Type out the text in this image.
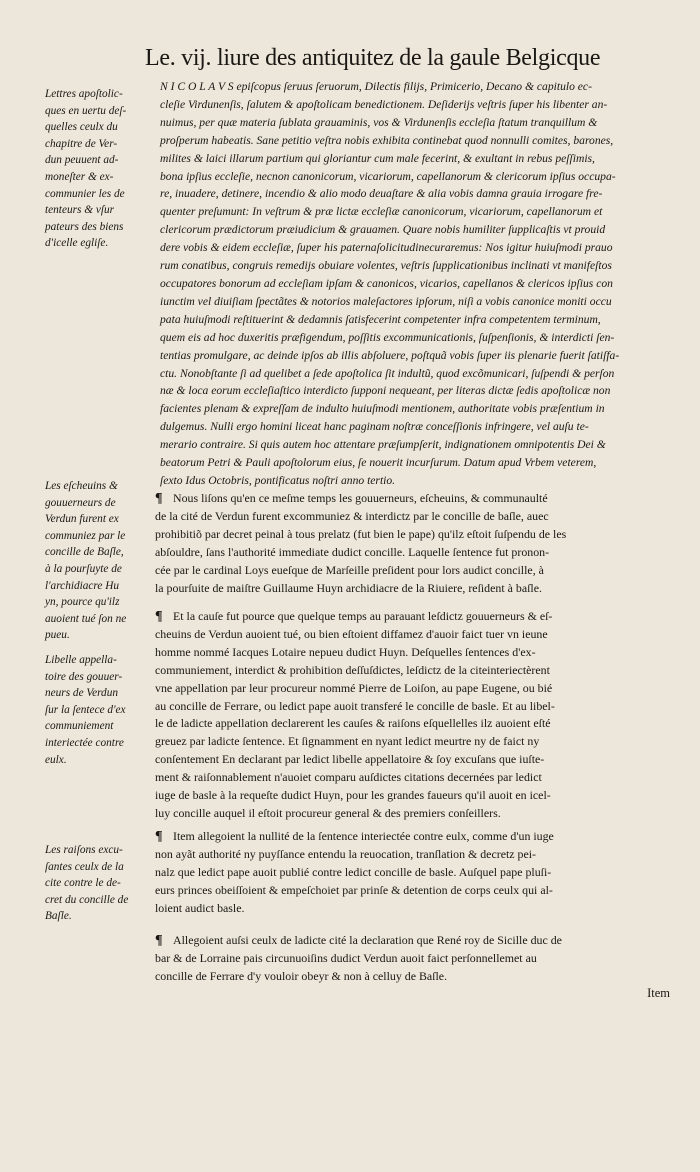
Le. vij. liure des antiquitez de la gaule Belgicque
Lettres apoſtolic-
ques en uertu deſ-
quelles ceulx du
chapitre de Ver-
dun peuuent ad-
moneſter & ex-
communier les de
tenteurs & vſur
pateurs des biens
d'icelle egliſe.
Les eſcheuins &
gouuerneurs de
Verdun furent ex
communiez par le
concille de Baſle,
à la pourſuyte de
l'archidiacre Hu
yn, pource qu'ilz
auoient tué ſon ne
pueu.
Libelle appella-
toire des gouuer-
neurs de Verdun
ſur la ſentece d'ex
communiement
interiectée contre
eulx.
Les raiſons excu-
ſantes ceulx de la
cite contre le de-
cret du concille de
Baſle.
N I C O L A V S epiſcopus ſeruus ſeruorum, Dilectis filijs, Primicerio, Decano & capitulo ec-
cleſie Virdunenſis, ſalutem & apoſtolicam benedictionem. Deſiderijs veſtris ſuper his libenter an-
nuimus, per quæ materia ſublata grauaminis, vos & Virdunenſis eccleſia ſtatum tranquillum &
proſperum habeatis. Sane petitio veſtra nobis exhibita continebat quod nonnulli comites, barones,
milites & laici illarum partium qui gloriantur cum male fecerint, & exultant in rebus peſſimis,
bona ipſius eccleſie, necnon canonicorum, vicariorum, capellanorum & clericorum ipſius occupa-
re, inuadere, detinere, incendio & alio modo deuaſtare & alia vobis damna grauia irrogare fre-
quenter preſumunt: In veſtrum & præ lictæ eccleſiæ canonicorum, vicariorum, capellanorum et
clericorum prædictorum præiudicium & grauamen. Quare nobis humiliter ſupplicaſtis vt prouid
dere vobis & eidem eccleſiæ, ſuper his paternaſolicitudinecuraremus: Nos igitur huiuſmodi prauo
rum conatibus, congruis remedijs obuiare volentes, veſtris ſupplicationibus inclinati vt manifeſtos
occupatores bonorum ad eccleſiam ipſam & canonicos, vicarios, capellanos & clericos ipſius con
iunctim vel diuiſiam ſpectãtes & notorios maleſactores ipſorum, niſi a vobis canonice moniti occu
pata huiuſmodi reſtituerint & dedamnis ſatisfecerint competenter infra competentem terminum,
quem eis ad hoc duxeritis præfigendum, poſſitis excommunicationis, ſuſpenſionis, & interdicti ſen-
tentias promulgare, ac deinde ipſos ab illis abſoluere, poſtquã vobis ſuper iis plenarie fuerit ſatiſfa-
ctu. Nonobſtante ſi ad quelibet a ſede apoſtolica ſit indultũ, quod excõmunicari, ſuſpendi & perſon
næ & loca eorum eccleſiaſtico interdicto ſupponi nequeant, per literas dictæ ſedis apoſtolicæ non
facientes plenam & expreſſam de indulto huiuſmodi mentionem, authoritate vobis præſentium in
dulgemus. Nulli ergo homini liceat hanc paginam noſtræ conceſſionis infringere, vel auſu te-
merario contraire. Si quis autem hoc attentare præſumpſerit, indignationem omnipotentis Dei &
beatorum Petri & Pauli apoſtolorum eius, ſe nouerit incurſurum. Datum apud Vrbem veterem,
ſexto Idus Octobris, pontificatus noſtri anno tertio.
¶ Nous liſons qu'en ce meſme temps les gouuerneurs, eſcheuins, & communaulté
de la cité de Verdun furent excommuniez & interdictz par le concille de baſle, auec
prohibitiõ par decret peinal à tous prelatz (fut bien le pape) qu'ilz eſtoit ſuſpendu de les
abſouldre, ſans l'authorité immediate dudict concille. Laquelle ſentence fut pronon-
cée par le cardinal Loys eueſque de Marſeille preſident pour lors audict concille, à
la pourſuite de maiſtre Guillaume Huyn archidiacre de la Riuiere, reſident à baſle.
¶ Et la cauſe fut pource que quelque temps au parauant leſdictz gouuerneurs & eſ-
cheuins de Verdun auoient tué, ou bien eſtoient diffamez d'auoir faict tuer vn ieune
homme nommé Iacques Lotaire nepueu dudict Huyn. Deſquelles ſentences d'ex-
communiement, interdict & prohibition deſſuſdictes, leſdictz de la citeinteriectèrent
vne appellation par leur procureur nommé Pierre de Loiſon, au pape Eugene, ou bié
au concille de Ferrare, ou ledict pape auoit transferé le concille de basle. Et au libel-
le de ladicte appellation declarerent les cauſes & raiſons eſquellelles ilz auoient eſté
greuez par ladicte ſentence. Et ſignamment en nyant ledict meurtre ny de faict ny
conſentement En declarant par ledict libelle appellatoire & ſoy excuſans que iuſte-
ment & raiſonnablement n'auoiet comparu auſdictes citations decernées par ledict
iuge de basle à la requeſte dudict Huyn, pour les grandes faueurs qu'il auoit en icel-
luy concille auquel il eſtoit procureur general & des premiers conſeillers.
¶ Item allegoient la nullité de la ſentence interiectée contre eulx, comme d'un iuge
non ayãt authorité ny puyſſance entendu la reuocation, tranſlation & decretz pei-
nalz que ledict pape auoit publié contre ledict concille de basle. Auſquel pape pluſi-
eurs princes obeiſſoient & empeſchoiet par prinſe & detention de corps ceulx qui al-
loient audict basle.
¶ Allegoient auſsi ceulx de ladicte cité la declaration que René roy de Sicille duc de
bar & de Lorraine pais circunuoiſins dudict Verdun auoit faict perſonnellemet au
concille de Ferrare d'y vouloir obeyr & non à celluy de Baſle.
Item
